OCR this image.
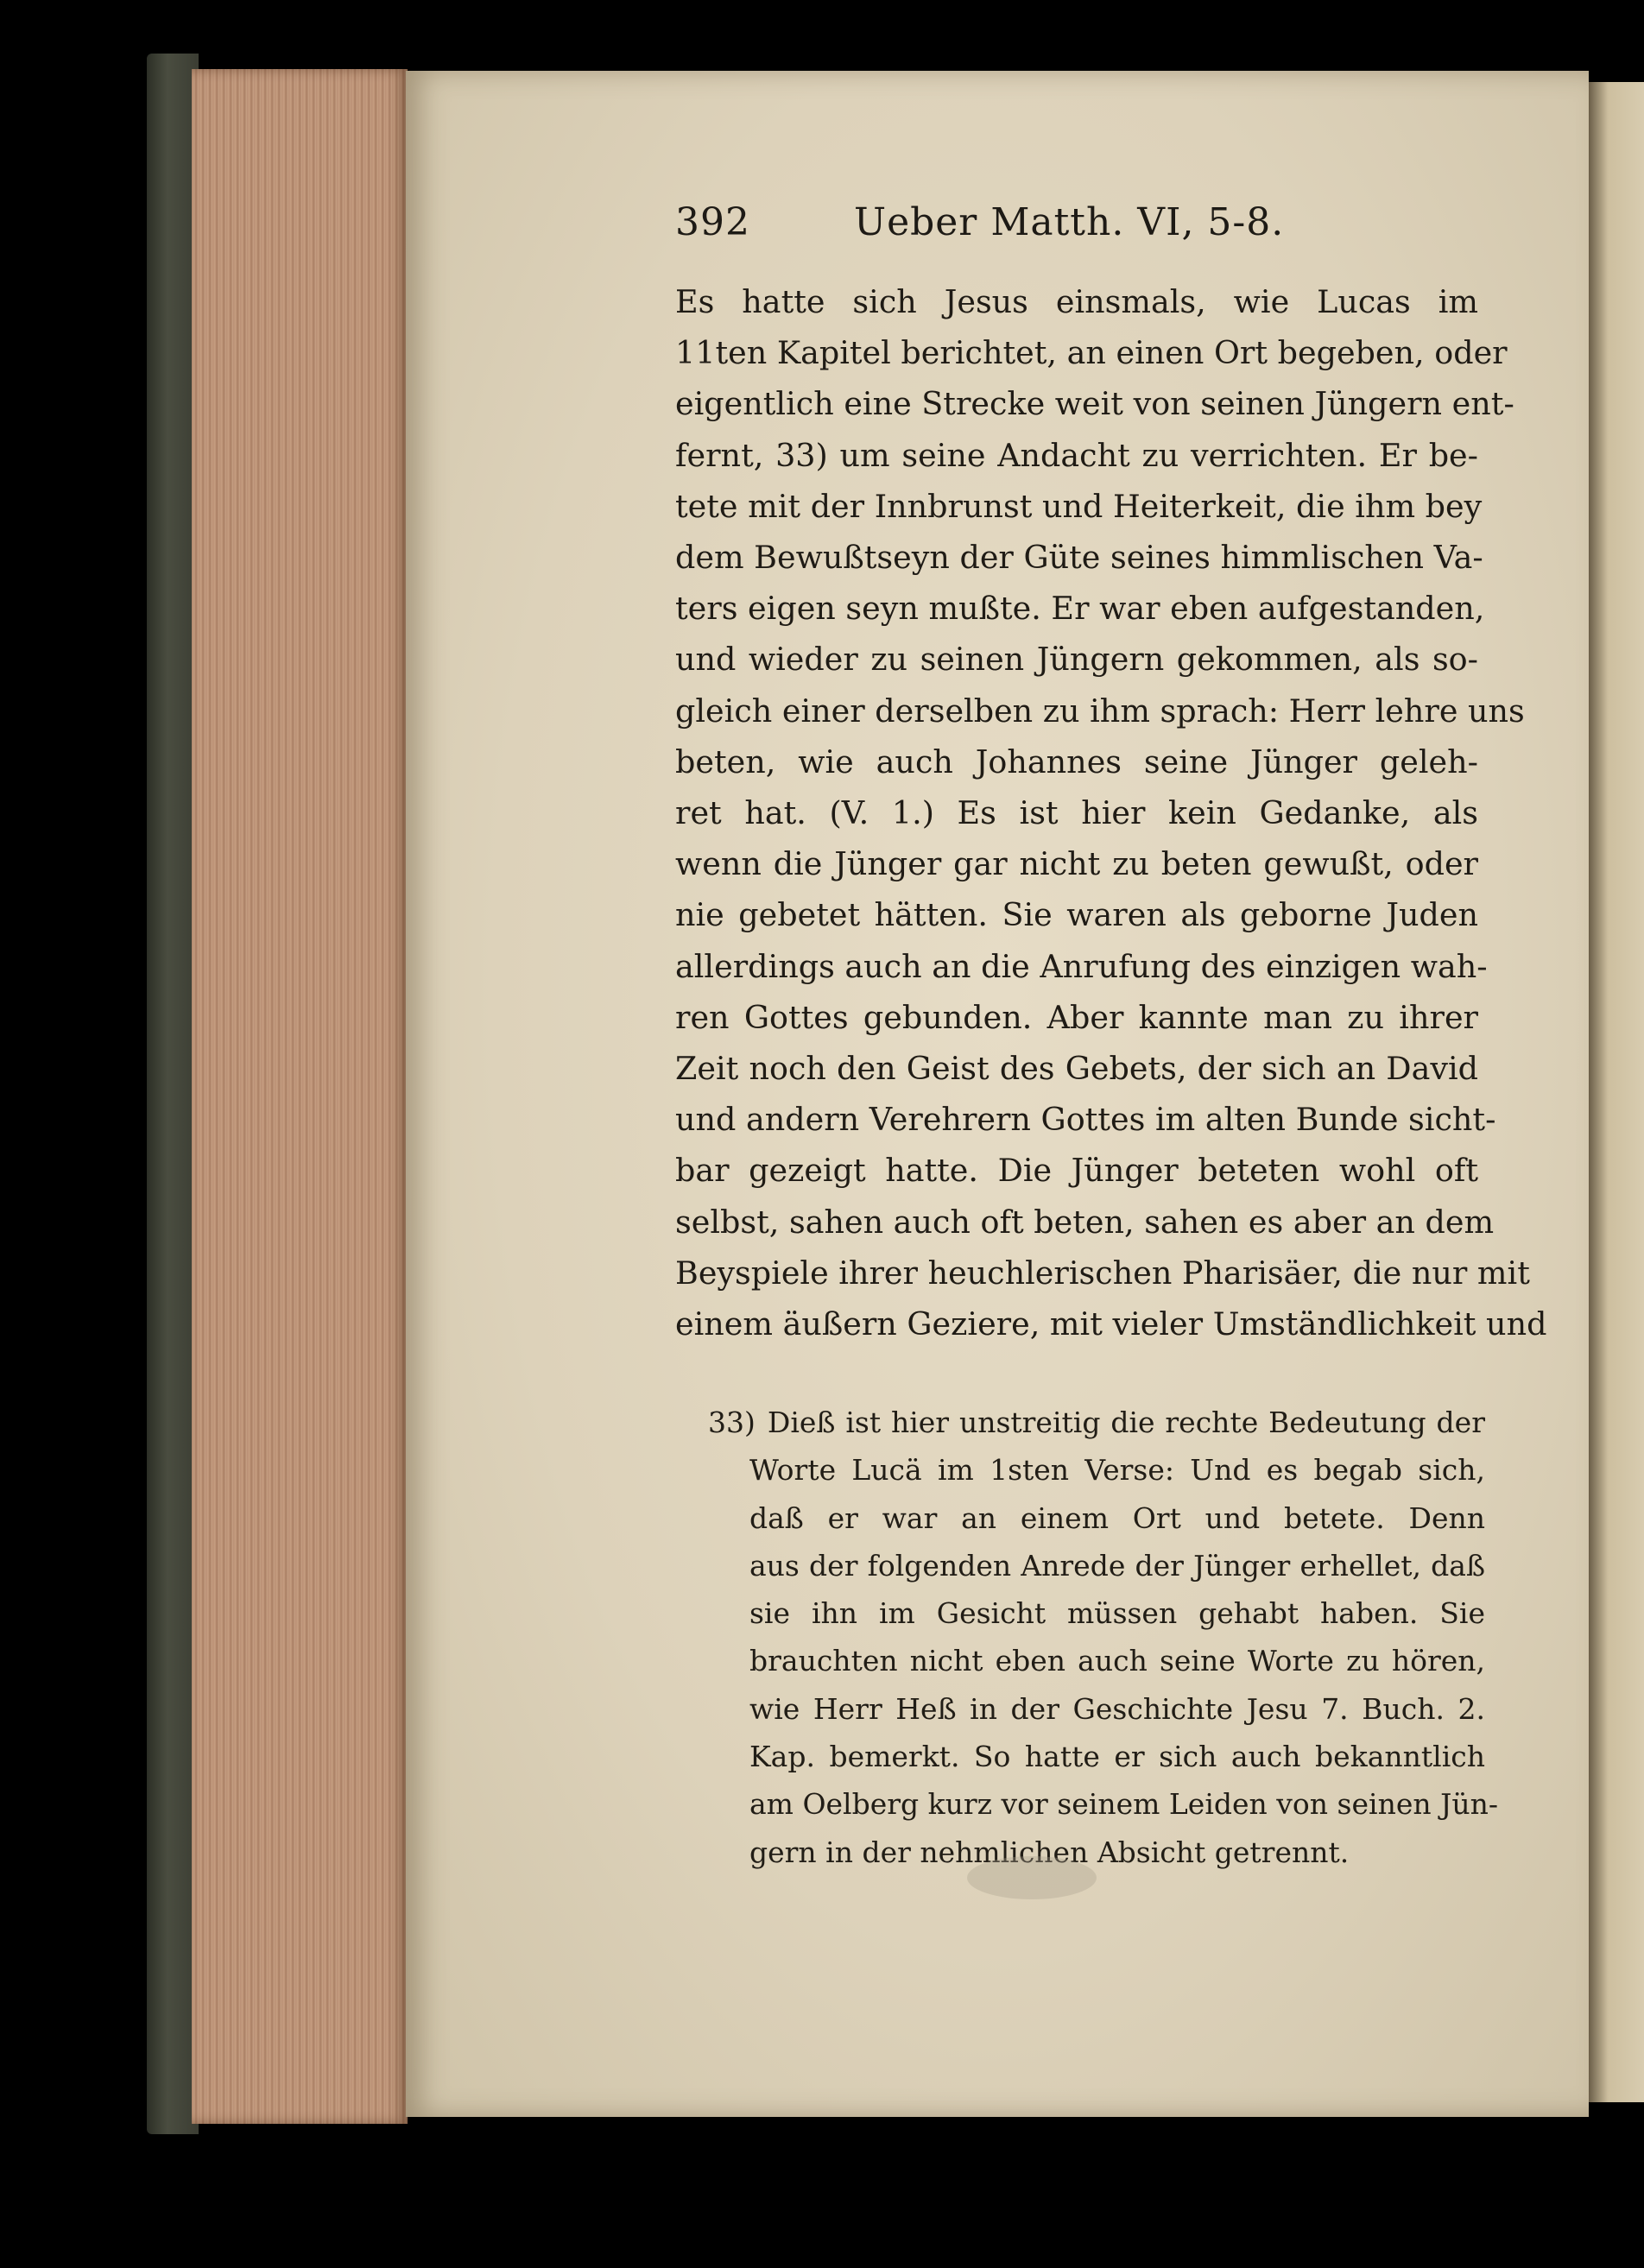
392	Ueber Matth. VI, 5-8.
Es hatte sich Jesus einsmals, wie Lucas im
11ten Kapitel berichtet, an einen Ort begeben, oder
eigentlich eine Strecke weit von seinen Jüngern ent-
fernt, 33) um seine Andacht zu verrichten. Er be-
tete mit der Innbrunst und Heiterkeit, die ihm bey
dem Bewußtseyn der Güte seines himmlischen Va-
ters eigen seyn mußte. Er war eben aufgestanden,
und wieder zu seinen Jüngern gekommen, als so-
gleich einer derselben zu ihm sprach: Herr lehre uns
beten, wie auch Johannes seine Jünger geleh-
ret hat. (V. 1.) Es ist hier kein Gedanke, als
wenn die Jünger gar nicht zu beten gewußt, oder
nie gebetet hätten. Sie waren als geborne Juden
allerdings auch an die Anrufung des einzigen wah-
ren Gottes gebunden. Aber kannte man zu ihrer
Zeit noch den Geist des Gebets, der sich an David
und andern Verehrern Gottes im alten Bunde sicht-
bar gezeigt hatte. Die Jünger beteten wohl oft
selbst, sahen auch oft beten, sahen es aber an dem
Beyspiele ihrer heuchlerischen Pharisäer, die nur mit
einem äußern Geziere, mit vieler Umständlichkeit und
33) Dieß ist hier unstreitig die rechte Bedeutung der
Worte Lucä im 1sten Verse: Und es begab sich,
daß er war an einem Ort und betete. Denn
aus der folgenden Anrede der Jünger erhellet, daß
sie ihn im Gesicht müssen gehabt haben. Sie
brauchten nicht eben auch seine Worte zu hören,
wie Herr Heß in der Geschichte Jesu 7. Buch. 2.
Kap. bemerkt. So hatte er sich auch bekanntlich
am Oelberg kurz vor seinem Leiden von seinen Jün-
gern in der nehmlichen Absicht getrennt.
